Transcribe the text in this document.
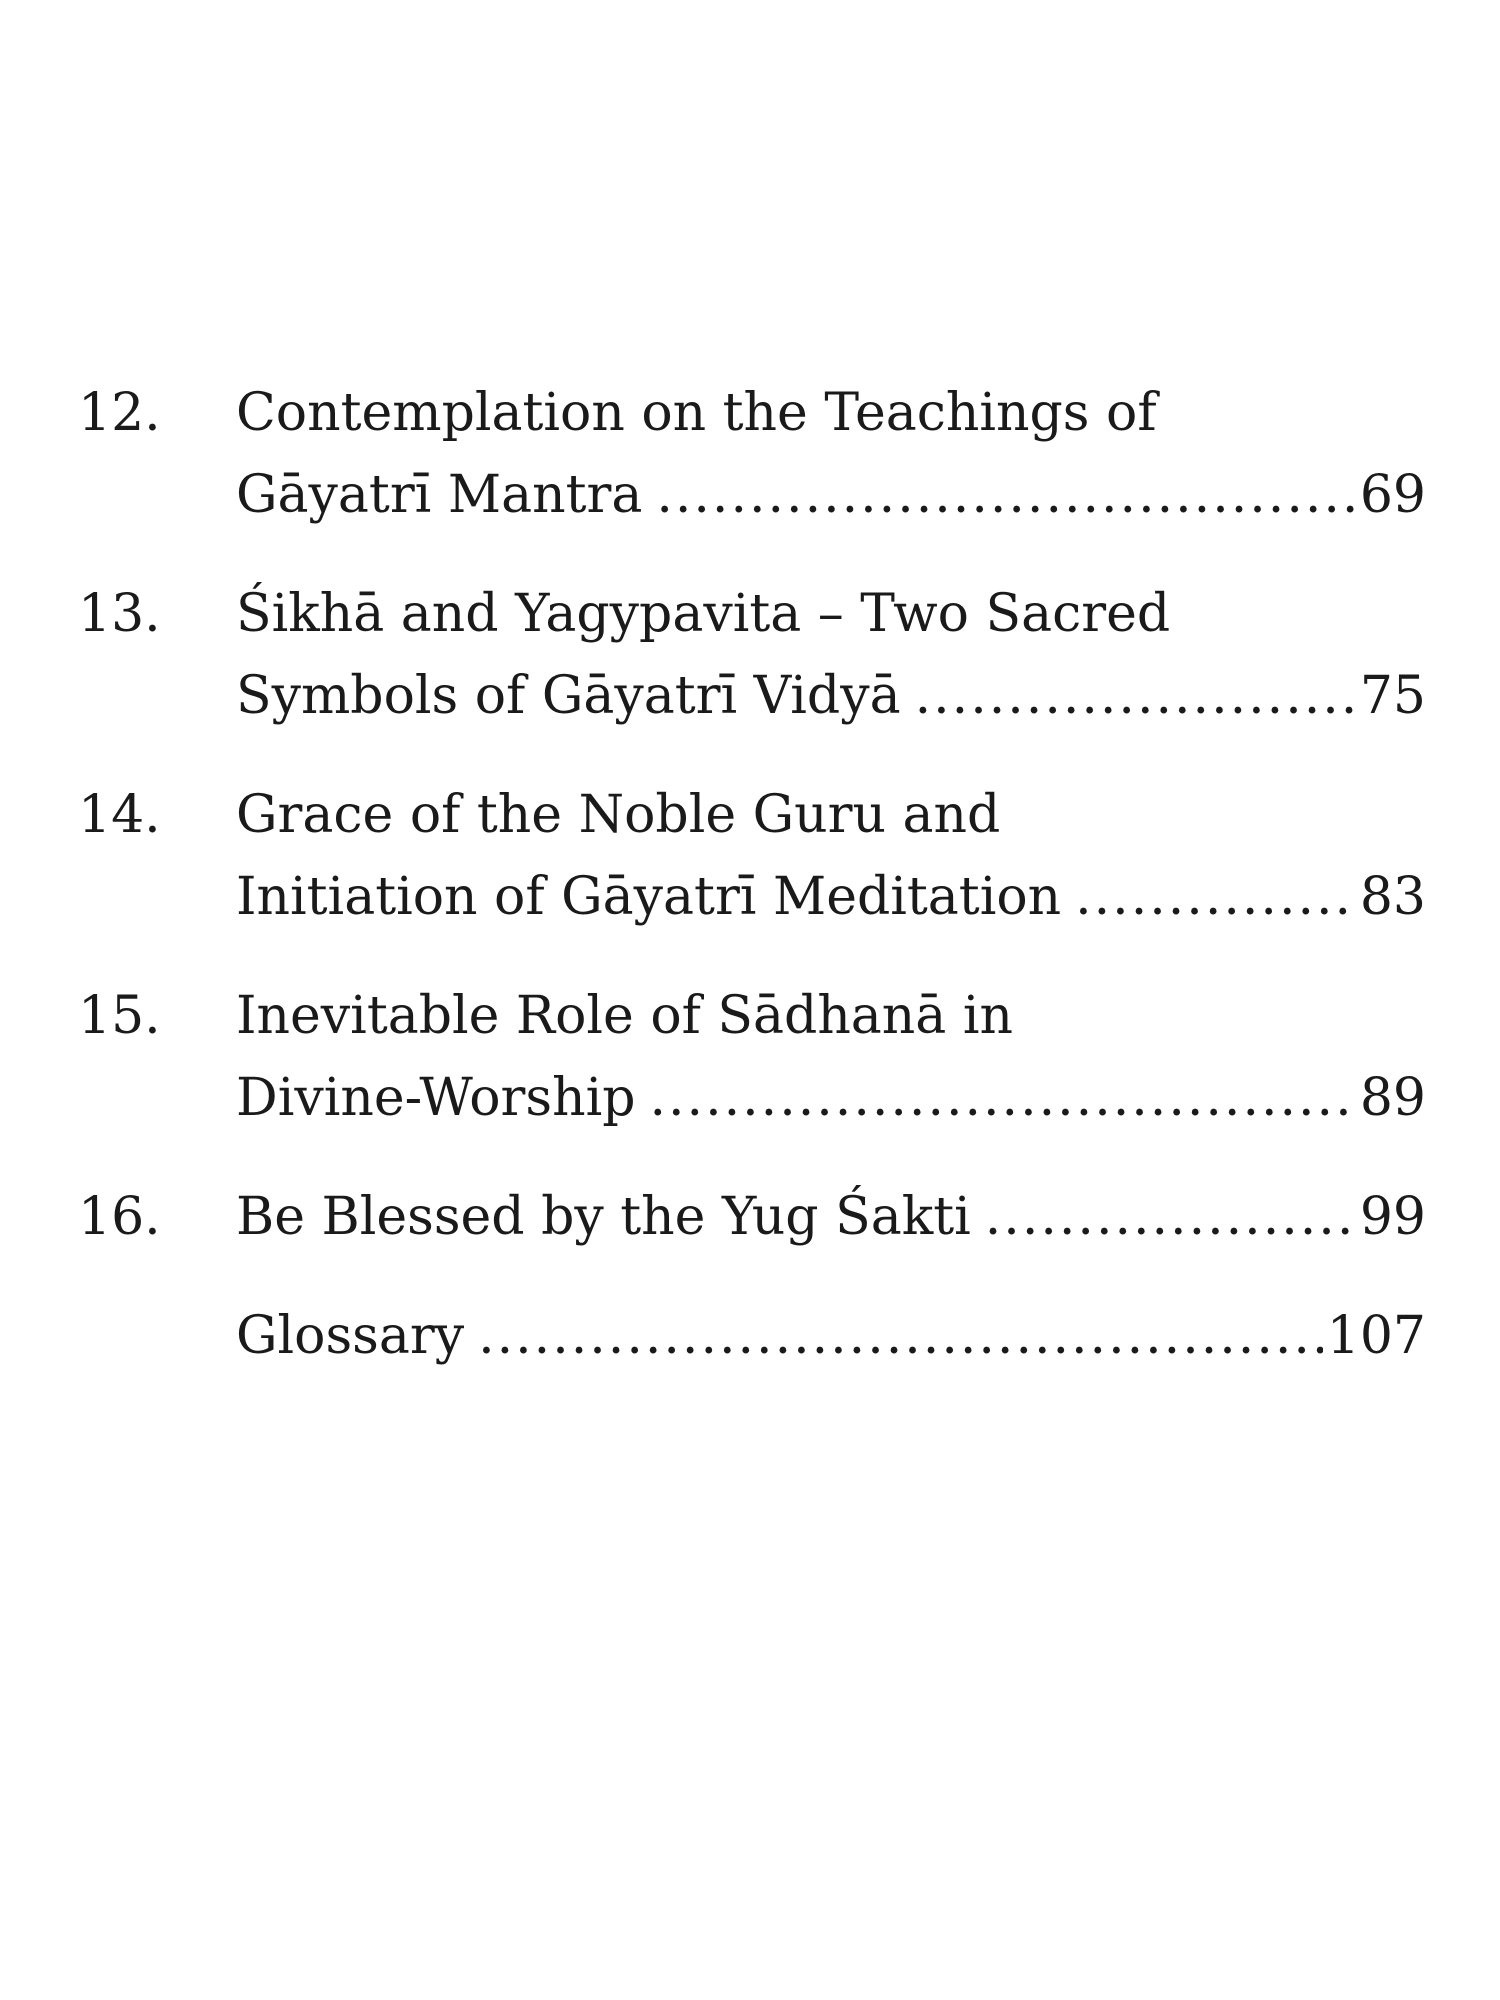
12.	Contemplation on the Teachings of
Gāyatrī Mantra .....	69
13.	Śikhā and Yagypavita – Two Sacred
Symbols of Gāyatrī Vidyā .....	75
14.	Grace of the Noble Guru and
Initiation of Gāyatrī Meditation .....	83
15.	Inevitable Role of Sādhanā in
Divine-Worship .....	89
16.	Be Blessed by the Yug Śakti .....	99
Glossary .....	107
